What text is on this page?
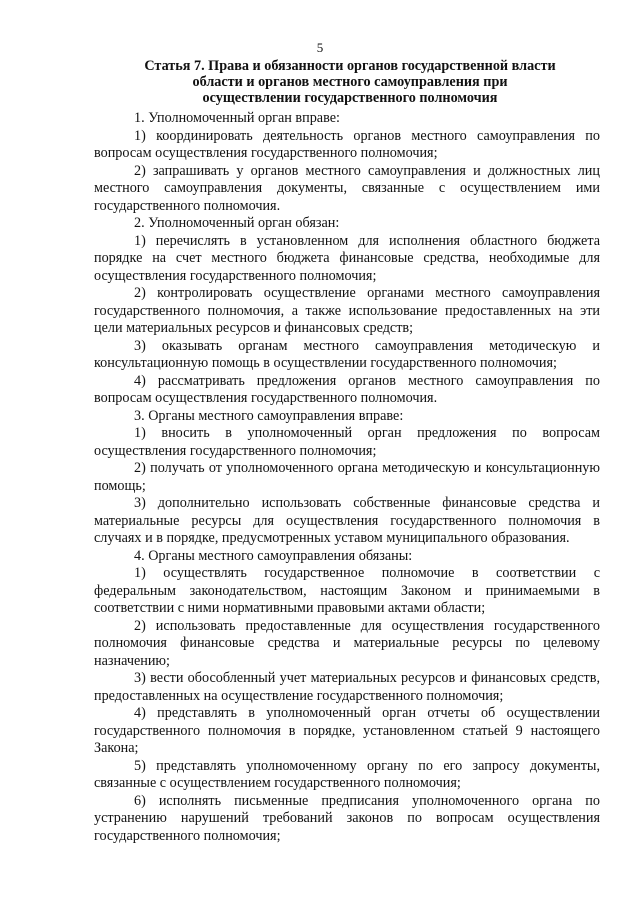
5
Статья 7. Права и обязанности органов государственной власти
области и органов местного самоуправления при
осуществлении государственного полномочия

1. Уполномоченный орган вправе:

1) координировать деятельность органов местного самоуправления по вопросам осуществления государственного полномочия;

2) запрашивать у органов местного самоуправления и должностных лиц местного самоуправления документы, связанные с осуществлением ими государственного полномочия.

2. Уполномоченный орган обязан:

1) перечислять в установленном для исполнения областного бюджета порядке на счет местного бюджета финансовые средства, необходимые для осуществления государственного полномочия;

2) контролировать осуществление органами местного самоуправления государственного полномочия, а также использование предоставленных на эти цели материальных ресурсов и финансовых средств;

3) оказывать органам местного самоуправления методическую и консультационную помощь в осуществлении государственного полномочия;

4) рассматривать предложения органов местного самоуправления по вопросам осуществления государственного полномочия.

3. Органы местного самоуправления вправе:

1) вносить в уполномоченный орган предложения по вопросам осуществления государственного полномочия;

2) получать от уполномоченного органа методическую и консультационную помощь;

3) дополнительно использовать собственные финансовые средства и материальные ресурсы для осуществления государственного полномочия в случаях и в порядке, предусмотренных уставом муниципального образования.

4. Органы местного самоуправления обязаны:

1) осуществлять государственное полномочие в соответствии с федеральным законодательством, настоящим Законом и принимаемыми в соответствии с ними нормативными правовыми актами области;

2) использовать предоставленные для осуществления государственного полномочия финансовые средства и материальные ресурсы по целевому назначению;

3) вести обособленный учет материальных ресурсов и финансовых средств, предоставленных на осуществление государственного полномочия;

4) представлять в уполномоченный орган отчеты об осуществлении государственного полномочия в порядке, установленном статьей 9 настоящего Закона;

5) представлять уполномоченному органу по его запросу документы, связанные с осуществлением государственного полномочия;

6) исполнять письменные предписания уполномоченного органа по устранению нарушений требований законов по вопросам осуществления государственного полномочия;
